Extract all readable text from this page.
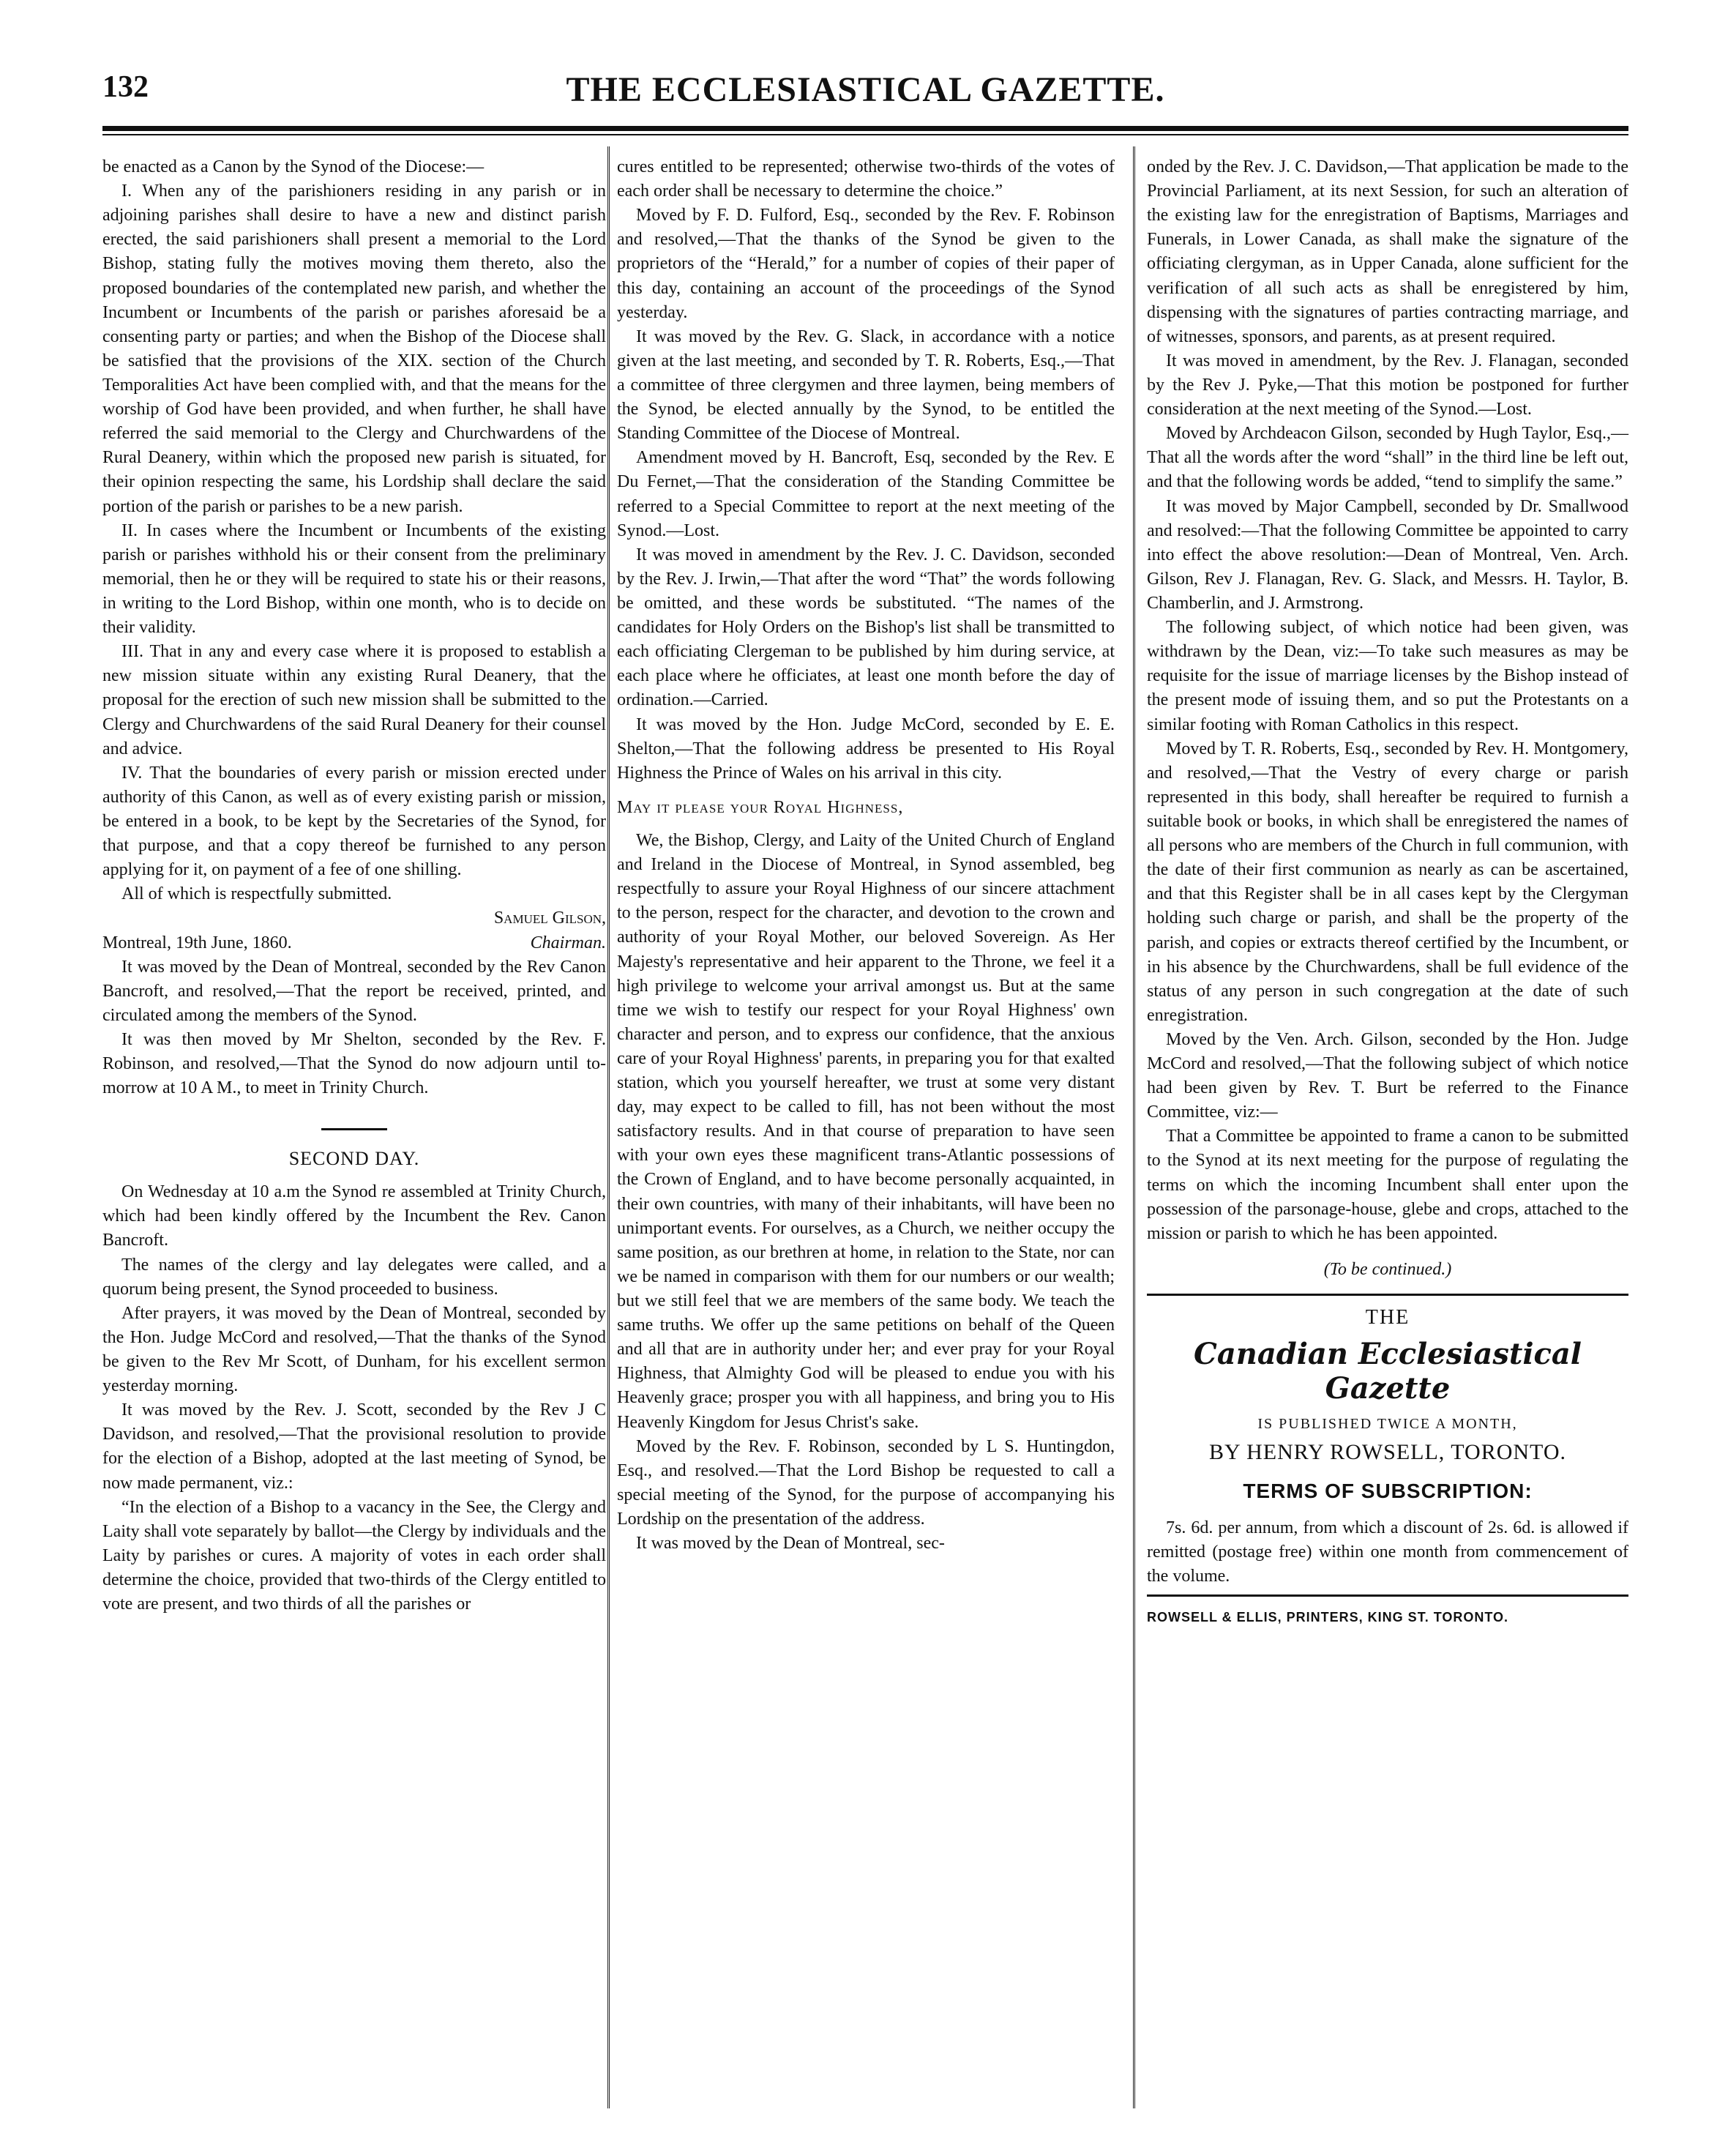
132	THE ECCLESIASTICAL GAZETTE.

be enacted as a Canon by the Synod of the Diocese:—

I. When any of the parishioners residing in any parish or in adjoining parishes shall desire to have a new and distinct parish erected, the said parishioners shall present a memorial to the Lord Bishop, stating fully the motives moving them thereto, also the proposed boundaries of the contemplated new parish, and whether the Incumbent or Incumbents of the parish or parishes aforesaid be a consenting party or parties; and when the Bishop of the Diocese shall be satisfied that the provisions of the XIX. section of the Church Temporalities Act have been complied with, and that the means for the worship of God have been provided, and when further, he shall have referred the said memorial to the Clergy and Churchwardens of the Rural Deanery, within which the proposed new parish is situated, for their opinion respecting the same, his Lordship shall declare the said portion of the parish or parishes to be a new parish.

II. In cases where the Incumbent or Incumbents of the existing parish or parishes withhold his or their consent from the preliminary memorial, then he or they will be required to state his or their reasons, in writing to the Lord Bishop, within one month, who is to decide on their validity.

III. That in any and every case where it is proposed to establish a new mission situate within any existing Rural Deanery, that the proposal for the erection of such new mission shall be submitted to the Clergy and Churchwardens of the said Rural Deanery for their counsel and advice.

IV. That the boundaries of every parish or mission erected under authority of this Canon, as well as of every existing parish or mission, be entered in a book, to be kept by the Secretaries of the Synod, for that purpose, and that a copy thereof be furnished to any person applying for it, on payment of a fee of one shilling.

All of which is respectfully submitted.

Samuel Gilson,

Montreal, 19th June, 1860.	Chairman.

It was moved by the Dean of Montreal, seconded by the Rev Canon Bancroft, and resolved,—That the report be received, printed, and circulated among the members of the Synod.

It was then moved by Mr Shelton, seconded by the Rev. F. Robinson, and resolved,—That the Synod do now adjourn until to-morrow at 10 A M., to meet in Trinity Church.

SECOND DAY.

On Wednesday at 10 a.m the Synod re assembled at Trinity Church, which had been kindly offered by the Incumbent the Rev. Canon Bancroft.

The names of the clergy and lay delegates were called, and a quorum being present, the Synod proceeded to business.

After prayers, it was moved by the Dean of Montreal, seconded by the Hon. Judge McCord and resolved,—That the thanks of the Synod be given to the Rev Mr Scott, of Dunham, for his excellent sermon yesterday morning.

It was moved by the Rev. J. Scott, seconded by the Rev J C Davidson, and resolved,—That the provisional resolution to provide for the election of a Bishop, adopted at the last meeting of Synod, be now made permanent, viz.:

“In the election of a Bishop to a vacancy in the See, the Clergy and Laity shall vote separately by ballot—the Clergy by individuals and the Laity by parishes or cures. A majority of votes in each order shall determine the choice, provided that two-thirds of the Clergy entitled to vote are present, and two thirds of all the parishes or

cures entitled to be represented; otherwise two-thirds of the votes of each order shall be necessary to determine the choice.”

Moved by F. D. Fulford, Esq., seconded by the Rev. F. Robinson and resolved,—That the thanks of the Synod be given to the proprietors of the “Herald,” for a number of copies of their paper of this day, containing an account of the proceedings of the Synod yesterday.

It was moved by the Rev. G. Slack, in accordance with a notice given at the last meeting, and seconded by T. R. Roberts, Esq.,—That a committee of three clergymen and three laymen, being members of the Synod, be elected annually by the Synod, to be entitled the Standing Committee of the Diocese of Montreal.

Amendment moved by H. Bancroft, Esq, seconded by the Rev. E Du Fernet,—That the consideration of the Standing Committee be referred to a Special Committee to report at the next meeting of the Synod.—Lost.

It was moved in amendment by the Rev. J. C. Davidson, seconded by the Rev. J. Irwin,—That after the word “That” the words following be omitted, and these words be substituted. “The names of the candidates for Holy Orders on the Bishop's list shall be transmitted to each officiating Clergeman to be published by him during service, at each place where he officiates, at least one month before the day of ordination.—Carried.

It was moved by the Hon. Judge McCord, seconded by E. E. Shelton,—That the following address be presented to His Royal Highness the Prince of Wales on his arrival in this city.

May it please your Royal Highness,

We, the Bishop, Clergy, and Laity of the United Church of England and Ireland in the Diocese of Montreal, in Synod assembled, beg respectfully to assure your Royal Highness of our sincere attachment to the person, respect for the character, and devotion to the crown and authority of your Royal Mother, our beloved Sovereign. As Her Majesty's representative and heir apparent to the Throne, we feel it a high privilege to welcome your arrival amongst us. But at the same time we wish to testify our respect for your Royal Highness' own character and person, and to express our confidence, that the anxious care of your Royal Highness' parents, in preparing you for that exalted station, which you yourself hereafter, we trust at some very distant day, may expect to be called to fill, has not been without the most satisfactory results. And in that course of preparation to have seen with your own eyes these magnificent trans-Atlantic possessions of the Crown of England, and to have become personally acquainted, in their own countries, with many of their inhabitants, will have been no unimportant events. For ourselves, as a Church, we neither occupy the same position, as our brethren at home, in relation to the State, nor can we be named in comparison with them for our numbers or our wealth; but we still feel that we are members of the same body. We teach the same truths. We offer up the same petitions on behalf of the Queen and all that are in authority under her; and ever pray for your Royal Highness, that Almighty God will be pleased to endue you with his Heavenly grace; prosper you with all happiness, and bring you to His Heavenly Kingdom for Jesus Christ's sake.

Moved by the Rev. F. Robinson, seconded by L S. Huntingdon, Esq., and resolved.—That the Lord Bishop be requested to call a special meeting of the Synod, for the purpose of accompanying his Lordship on the presentation of the address.

It was moved by the Dean of Montreal, sec-

onded by the Rev. J. C. Davidson,—That application be made to the Provincial Parliament, at its next Session, for such an alteration of the existing law for the enregistration of Baptisms, Marriages and Funerals, in Lower Canada, as shall make the signature of the officiating clergyman, as in Upper Canada, alone sufficient for the verification of all such acts as shall be enregistered by him, dispensing with the signatures of parties contracting marriage, and of witnesses, sponsors, and parents, as at present required.

It was moved in amendment, by the Rev. J. Flanagan, seconded by the Rev J. Pyke,—That this motion be postponed for further consideration at the next meeting of the Synod.—Lost.

Moved by Archdeacon Gilson, seconded by Hugh Taylor, Esq.,—That all the words after the word “shall” in the third line be left out, and that the following words be added, “tend to simplify the same.”

It was moved by Major Campbell, seconded by Dr. Smallwood and resolved:—That the following Committee be appointed to carry into effect the above resolution:—Dean of Montreal, Ven. Arch. Gilson, Rev J. Flanagan, Rev. G. Slack, and Messrs. H. Taylor, B. Chamberlin, and J. Armstrong.

The following subject, of which notice had been given, was withdrawn by the Dean, viz:—To take such measures as may be requisite for the issue of marriage licenses by the Bishop instead of the present mode of issuing them, and so put the Protestants on a similar footing with Roman Catholics in this respect.

Moved by T. R. Roberts, Esq., seconded by Rev. H. Montgomery, and resolved,—That the Vestry of every charge or parish represented in this body, shall hereafter be required to furnish a suitable book or books, in which shall be enregistered the names of all persons who are members of the Church in full communion, with the date of their first communion as nearly as can be ascertained, and that this Register shall be in all cases kept by the Clergyman holding such charge or parish, and shall be the property of the parish, and copies or extracts thereof certified by the Incumbent, or in his absence by the Churchwardens, shall be full evidence of the status of any person in such congregation at the date of such enregistration.

Moved by the Ven. Arch. Gilson, seconded by the Hon. Judge McCord and resolved,—That the following subject of which notice had been given by Rev. T. Burt be referred to the Finance Committee, viz:—

That a Committee be appointed to frame a canon to be submitted to the Synod at its next meeting for the purpose of regulating the terms on which the incoming Incumbent shall enter upon the possession of the parsonage-house, glebe and crops, attached to the mission or parish to which he has been appointed.

(To be continued.)
THE
Canadian Ecclesiastical Gazette
IS PUBLISHED TWICE A MONTH,
BY HENRY ROWSELL, TORONTO.
TERMS OF SUBSCRIPTION:

7s. 6d. per annum, from which a discount of 2s. 6d. is allowed if remitted (postage free) within one month from commencement of the volume.

ROWSELL & ELLIS, PRINTERS, KING ST. TORONTO.
